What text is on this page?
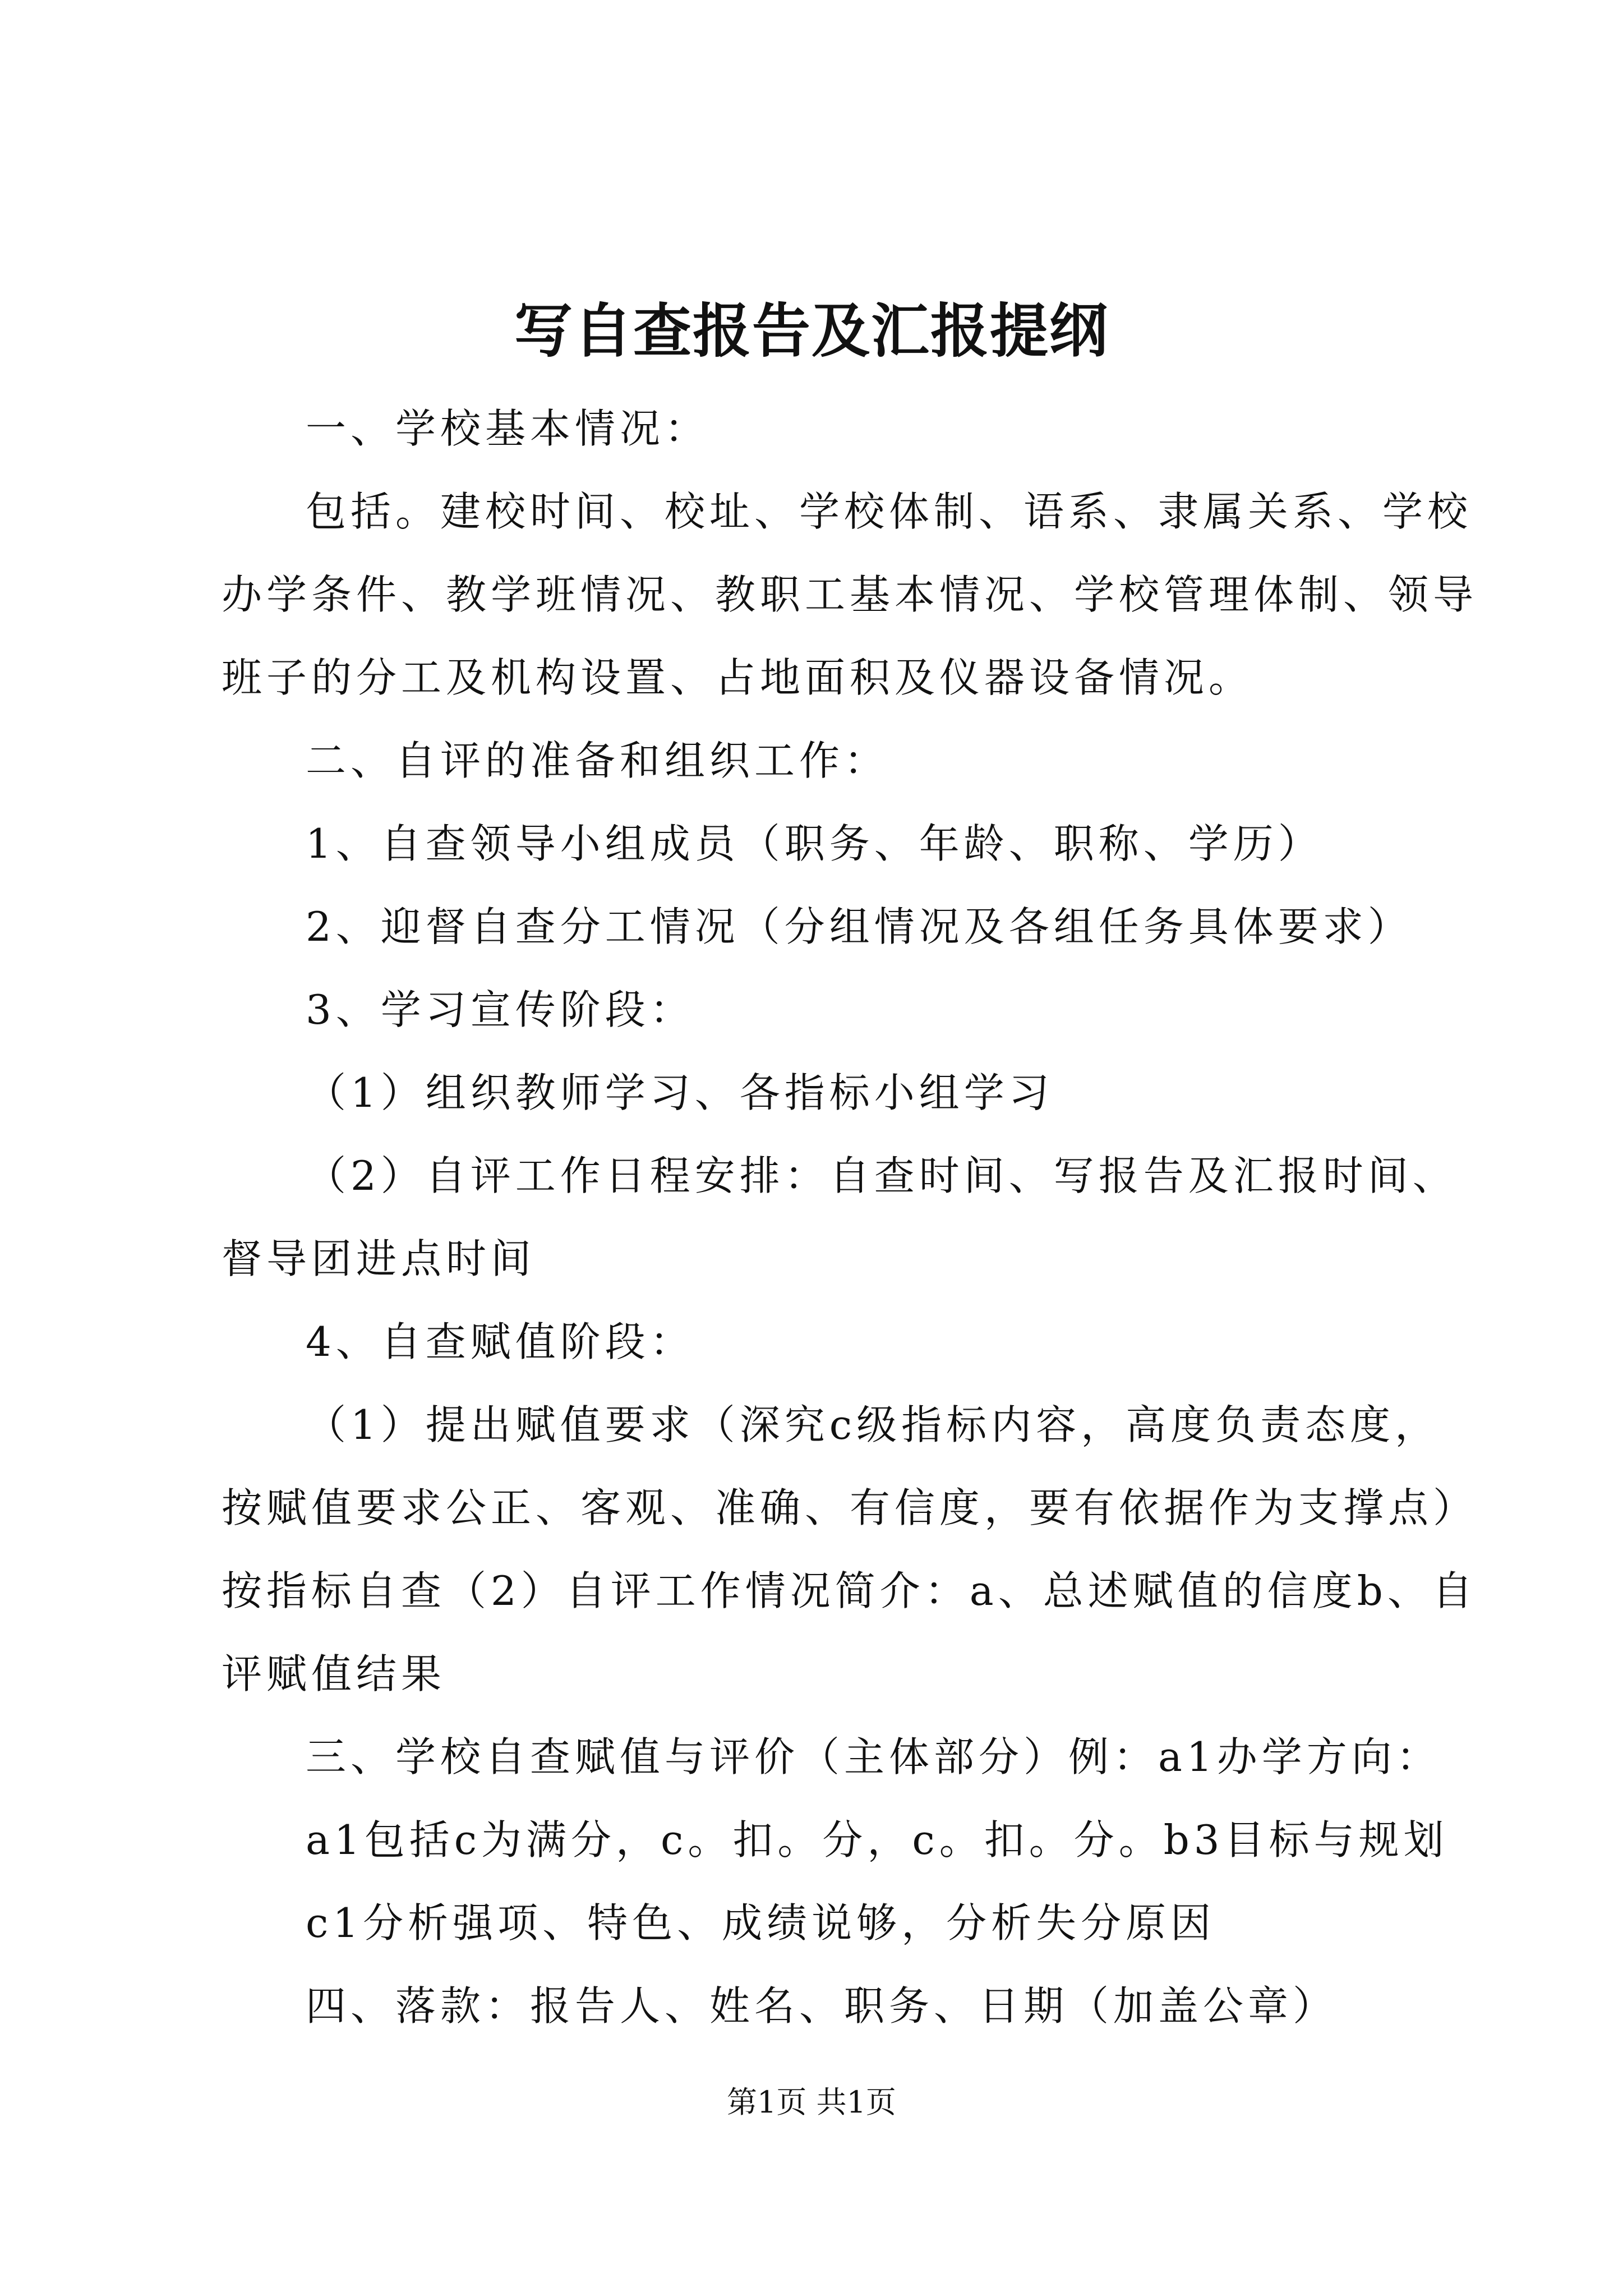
写自查报告及汇报提纲
一、学校基本情况：
包括。建校时间、校址、学校体制、语系、隶属关系、学校
办学条件、教学班情况、教职工基本情况、学校管理体制、领导
班子的分工及机构设置、占地面积及仪器设备情况。
二、自评的准备和组织工作：
1、自查领导小组成员（职务、年龄、职称、学历）
2、迎督自查分工情况（分组情况及各组任务具体要求）
3、学习宣传阶段：
（1）组织教师学习、各指标小组学习
（2）自评工作日程安排：自查时间、写报告及汇报时间、
督导团进点时间
4、自查赋值阶段：
（1）提出赋值要求（深究c级指标内容，高度负责态度，
按赋值要求公正、客观、准确、有信度，要有依据作为支撑点）
按指标自查（2）自评工作情况简介：a、总述赋值的信度b、自
评赋值结果
三、学校自查赋值与评价（主体部分）例：a1办学方向：
a1包括c为满分，c。扣。分，c。扣。分。b3目标与规划
c1分析强项、特色、成绩说够，分析失分原因
四、落款：报告人、姓名、职务、日期（加盖公章）
第1页 共1页
